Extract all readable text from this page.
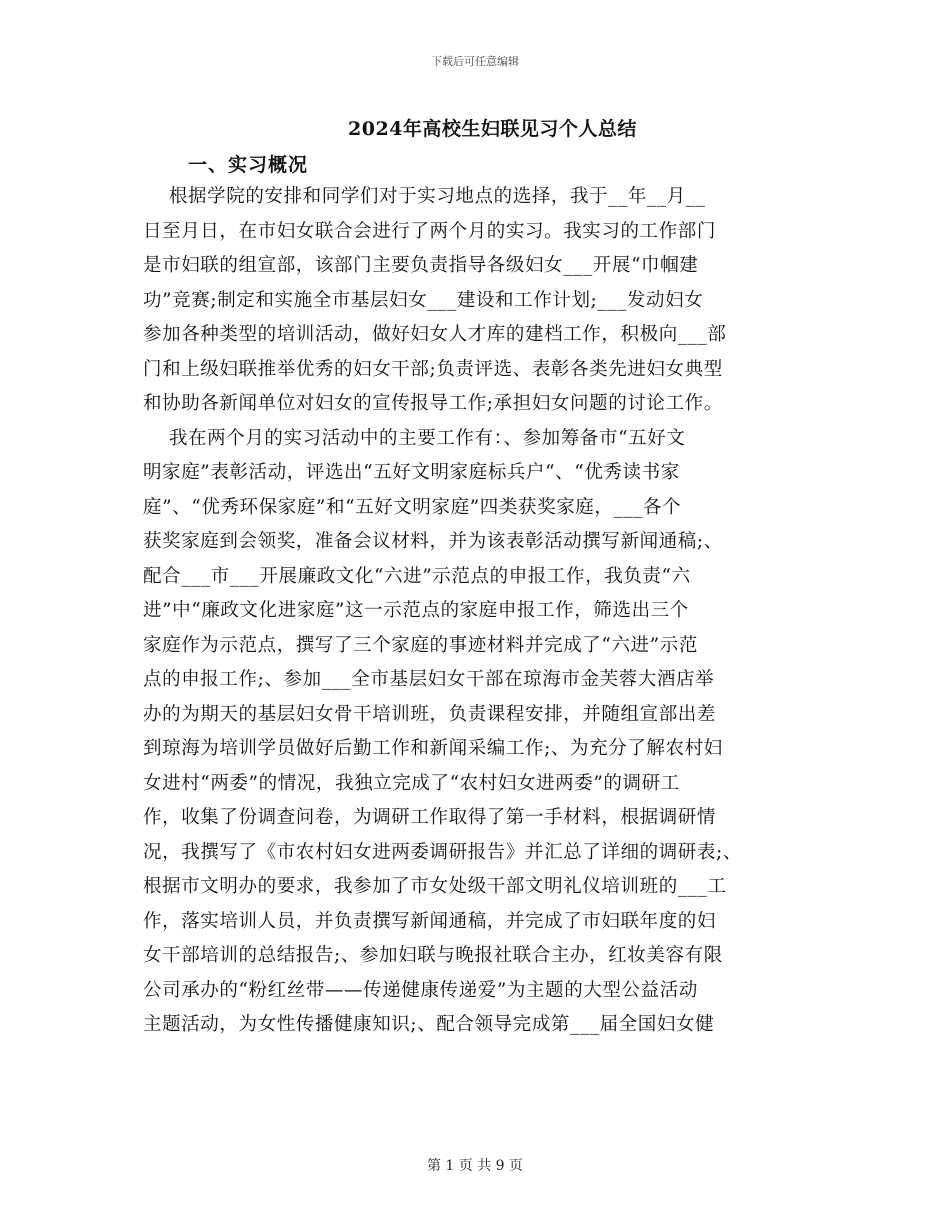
下载后可任意编辑
2024年高校生妇联见习个人总结
一、实习概况
根据学院的安排和同学们对于实习地点的选择，我于__年__月__
日至月日，在市妇女联合会进行了两个月的实习。我实习的工作部门
是市妇联的组宣部，该部门主要负责指导各级妇女___开展“巾帼建
功”竞赛;制定和实施全市基层妇女___建设和工作计划;___发动妇女
参加各种类型的培训活动，做好妇女人才库的建档工作，积极向___部
门和上级妇联推举优秀的妇女干部;负责评选、表彰各类先进妇女典型
和协助各新闻单位对妇女的宣传报导工作;承担妇女问题的讨论工作。
我在两个月的实习活动中的主要工作有：、参加筹备市“五好文
明家庭”表彰活动，评选出“五好文明家庭标兵户“、“优秀读书家
庭”、“优秀环保家庭”和“五好文明家庭”四类获奖家庭，___各个
获奖家庭到会领奖，准备会议材料，并为该表彰活动撰写新闻通稿;、
配合___市___开展廉政文化“六进”示范点的申报工作，我负责“六
进”中“廉政文化进家庭”这一示范点的家庭申报工作，筛选出三个
家庭作为示范点，撰写了三个家庭的事迹材料并完成了“六进”示范
点的申报工作;、参加___全市基层妇女干部在琼海市金芙蓉大酒店举
办的为期天的基层妇女骨干培训班，负责课程安排，并随组宣部出差
到琼海为培训学员做好后勤工作和新闻采编工作;、为充分了解农村妇
女进村“两委”的情况，我独立完成了“农村妇女进两委”的调研工
作，收集了份调查问卷，为调研工作取得了第一手材料，根据调研情
况，我撰写了《市农村妇女进两委调研报告》并汇总了详细的调研表;、
根据市文明办的要求，我参加了市女处级干部文明礼仪培训班的___工
作，落实培训人员，并负责撰写新闻通稿，并完成了市妇联年度的妇
女干部培训的总结报告;、参加妇联与晚报社联合主办，红妆美容有限
公司承办的“粉红丝带——传递健康传递爱”为主题的大型公益活动
主题活动，为女性传播健康知识;、配合领导完成第___届全国妇女健
第 1 页 共 9 页
